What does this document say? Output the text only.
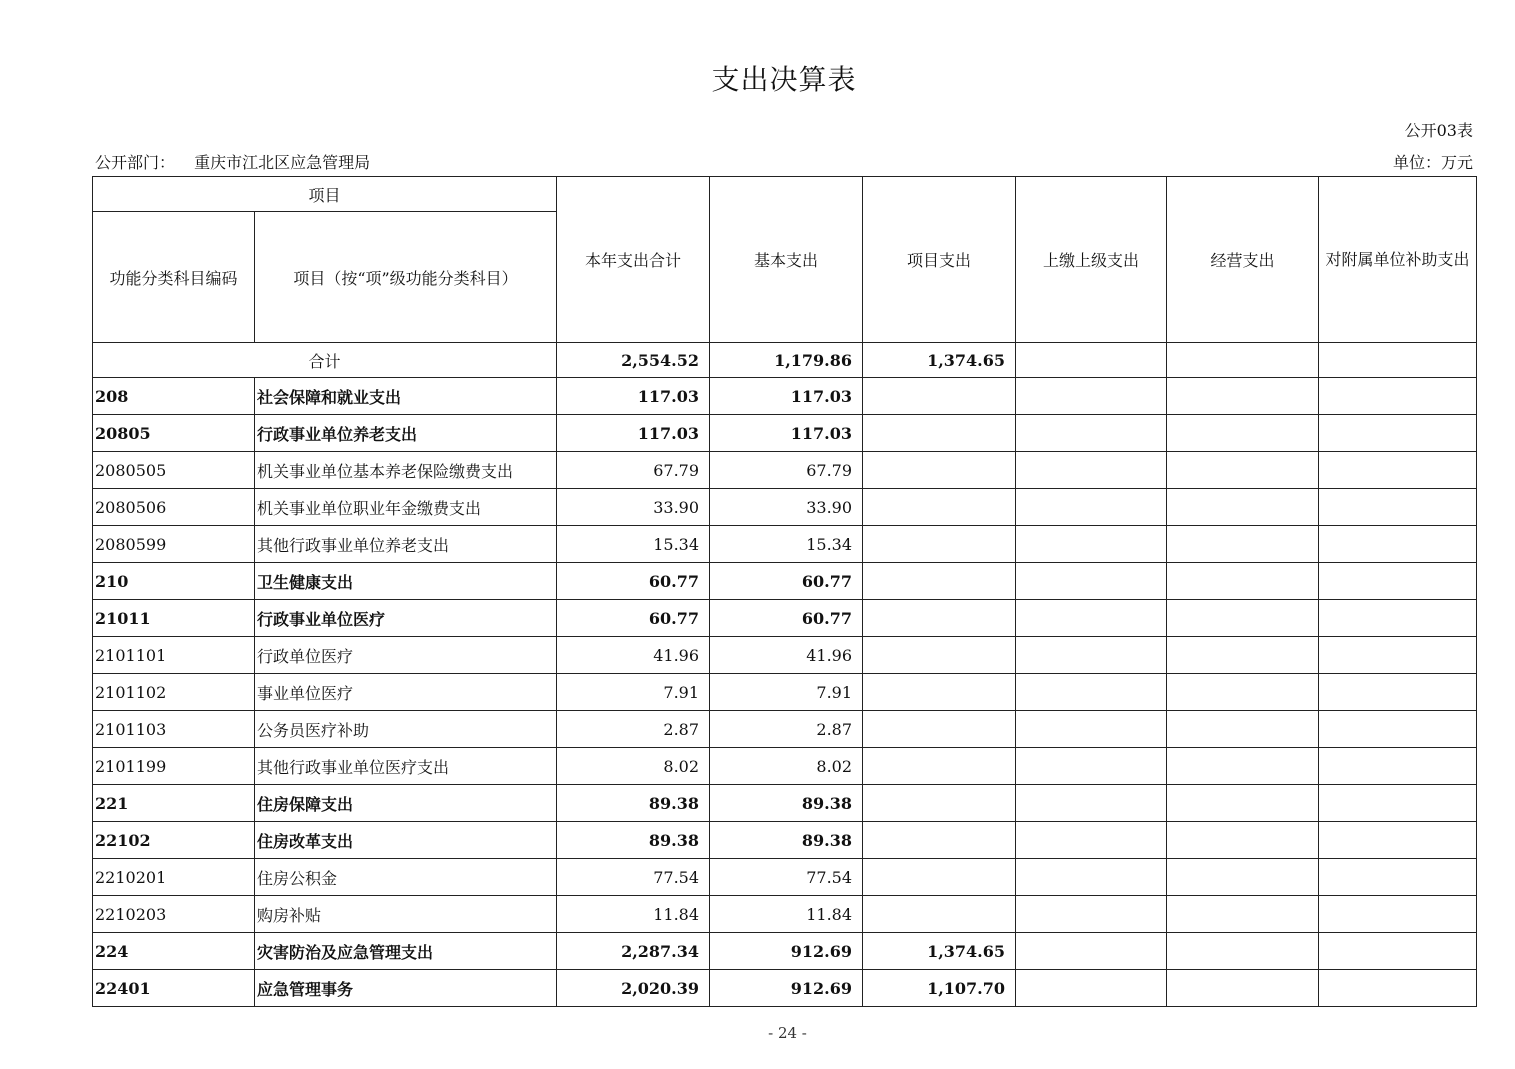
支出决算表
公开03表
公开部门： 重庆市江北区应急管理局	单位：万元
项目		本年支出合计	基本支出	项目支出	上缴上级支出	经营支出	对附属单位补助支出
功能分类科目编码	项目（按“项”级功能分类科目）						
合计		2,554.52	1,179.86	1,374.65			
208	社会保障和就业支出	117.03	117.03				
20805	行政事业单位养老支出	117.03	117.03				
2080505	机关事业单位基本养老保险缴费支出	67.79	67.79				
2080506	机关事业单位职业年金缴费支出	33.90	33.90				
2080599	其他行政事业单位养老支出	15.34	15.34				
210	卫生健康支出	60.77	60.77				
21011	行政事业单位医疗	60.77	60.77				
2101101	行政单位医疗	41.96	41.96				
2101102	事业单位医疗	7.91	7.91				
2101103	公务员医疗补助	2.87	2.87				
2101199	其他行政事业单位医疗支出	8.02	8.02				
221	住房保障支出	89.38	89.38				
22102	住房改革支出	89.38	89.38				
2210201	住房公积金	77.54	77.54				
2210203	购房补贴	11.84	11.84				
224	灾害防治及应急管理支出	2,287.34	912.69	1,374.65			
22401	应急管理事务	2,020.39	912.69	1,107.70			
- 24 -
